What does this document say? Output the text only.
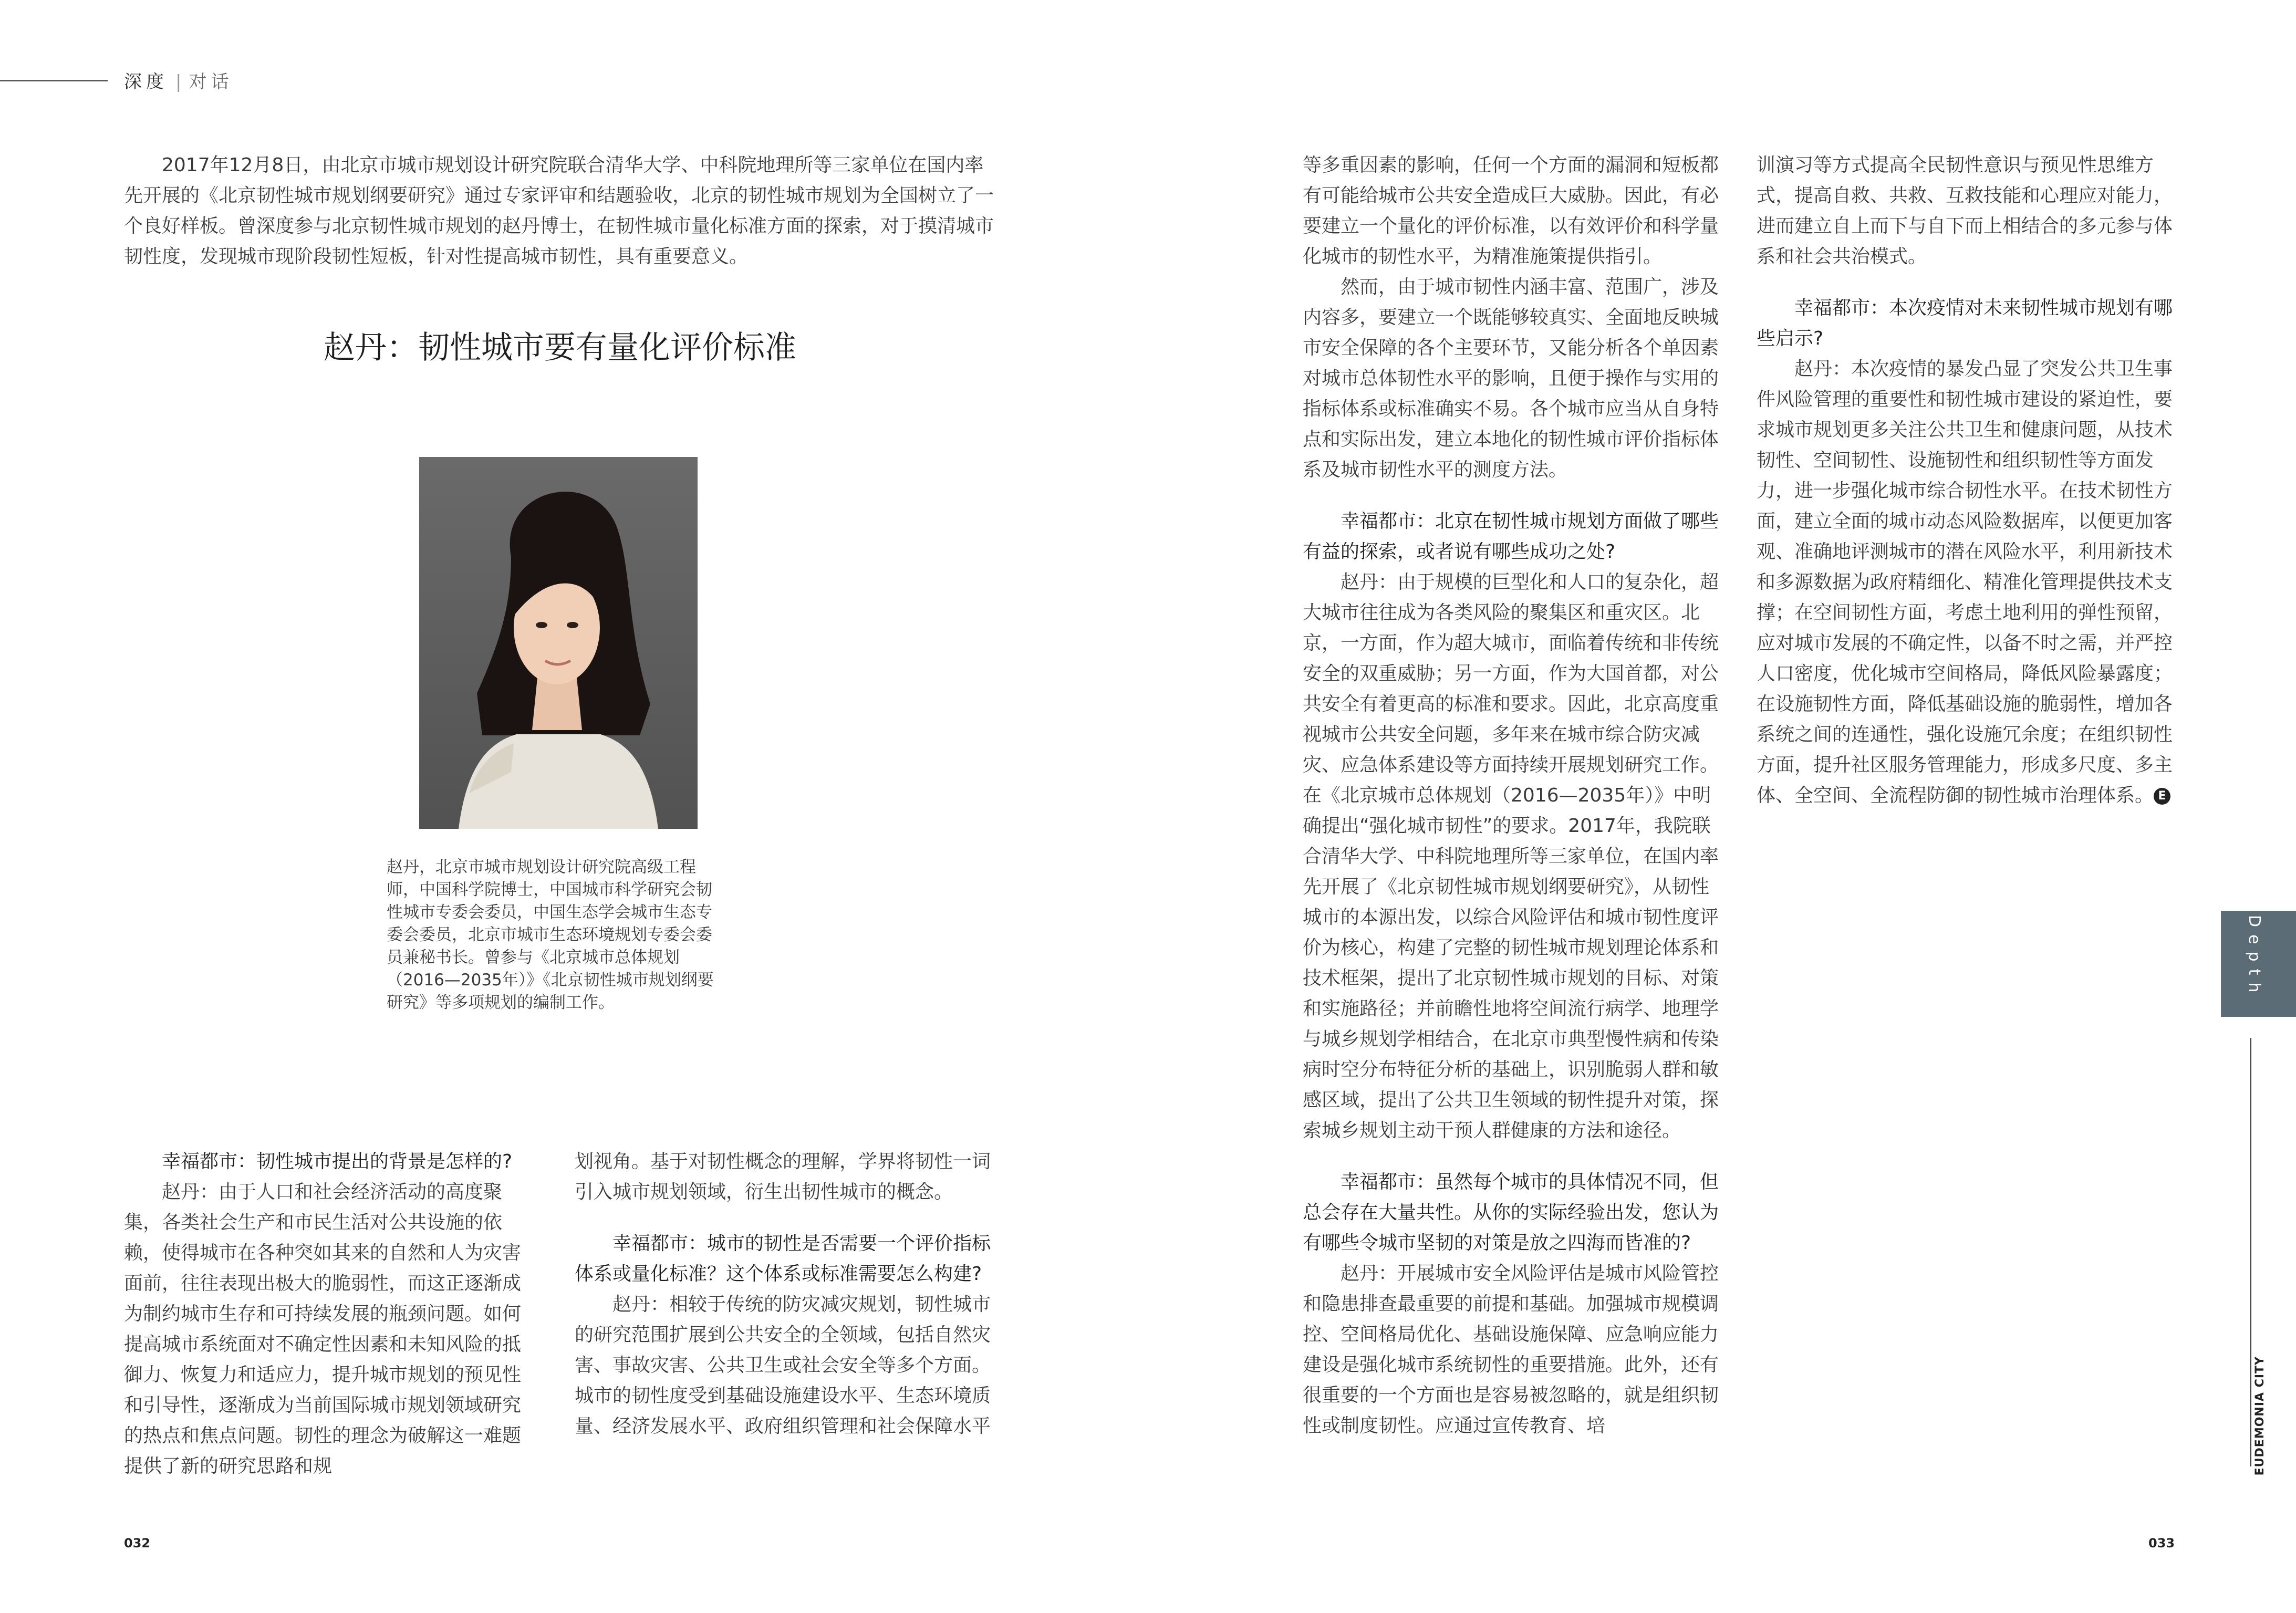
深度 | 对话

2017年12月8日，由北京市城市规划设计研究院联合清华大学、中科院地理所等三家单位在国内率先开展的《北京韧性城市规划纲要研究》通过专家评审和结题验收，北京的韧性城市规划为全国树立了一个良好样板。曾深度参与北京韧性城市规划的赵丹博士，在韧性城市量化标准方面的探索，对于摸清城市韧性度，发现城市现阶段韧性短板，针对性提高城市韧性，具有重要意义。

赵丹：韧性城市要有量化评价标准

赵丹，北京市城市规划设计研究院高级工程师，中国科学院博士，中国城市科学研究会韧性城市专委会委员，中国生态学会城市生态专委会委员，北京市城市生态环境规划专委会委员兼秘书长。曾参与《北京城市总体规划（2016—2035年）》《北京韧性城市规划纲要研究》等多项规划的编制工作。

幸福都市：韧性城市提出的背景是怎样的?

赵丹：由于人口和社会经济活动的高度聚集，各类社会生产和市民生活对公共设施的依赖，使得城市在各种突如其来的自然和人为灾害面前，往往表现出极大的脆弱性，而这正逐渐成为制约城市生存和可持续发展的瓶颈问题。如何提高城市系统面对不确定性因素和未知风险的抵御力、恢复力和适应力，提升城市规划的预见性和引导性，逐渐成为当前国际城市规划领域研究的热点和焦点问题。韧性的理念为破解这一难题提供了新的研究思路和规

划视角。基于对韧性概念的理解，学界将韧性一词引入城市规划领域，衍生出韧性城市的概念。

幸福都市：城市的韧性是否需要一个评价指标体系或量化标准？这个体系或标准需要怎么构建?

赵丹：相较于传统的防灾减灾规划，韧性城市的研究范围扩展到公共安全的全领域，包括自然灾害、事故灾害、公共卫生或社会安全等多个方面。城市的韧性度受到基础设施建设水平、生态环境质量、经济发展水平、政府组织管理和社会保障水平

等多重因素的影响，任何一个方面的漏洞和短板都有可能给城市公共安全造成巨大威胁。因此，有必要建立一个量化的评价标准，以有效评价和科学量化城市的韧性水平，为精准施策提供指引。

然而，由于城市韧性内涵丰富、范围广，涉及内容多，要建立一个既能够较真实、全面地反映城市安全保障的各个主要环节，又能分析各个单因素对城市总体韧性水平的影响，且便于操作与实用的指标体系或标准确实不易。各个城市应当从自身特点和实际出发，建立本地化的韧性城市评价指标体系及城市韧性水平的测度方法。

幸福都市：北京在韧性城市规划方面做了哪些有益的探索，或者说有哪些成功之处?

赵丹：由于规模的巨型化和人口的复杂化，超大城市往往成为各类风险的聚集区和重灾区。北京，一方面，作为超大城市，面临着传统和非传统安全的双重威胁；另一方面，作为大国首都，对公共安全有着更高的标准和要求。因此，北京高度重视城市公共安全问题，多年来在城市综合防灾减灾、应急体系建设等方面持续开展规划研究工作。在《北京城市总体规划（2016—2035年）》中明确提出“强化城市韧性”的要求。2017年，我院联合清华大学、中科院地理所等三家单位，在国内率先开展了《北京韧性城市规划纲要研究》，从韧性城市的本源出发，以综合风险评估和城市韧性度评价为核心，构建了完整的韧性城市规划理论体系和技术框架，提出了北京韧性城市规划的目标、对策和实施路径；并前瞻性地将空间流行病学、地理学与城乡规划学相结合，在北京市典型慢性病和传染病时空分布特征分析的基础上，识别脆弱人群和敏感区域，提出了公共卫生领域的韧性提升对策，探索城乡规划主动干预人群健康的方法和途径。

幸福都市：虽然每个城市的具体情况不同，但总会存在大量共性。从你的实际经验出发，您认为有哪些令城市坚韧的对策是放之四海而皆准的?

赵丹：开展城市安全风险评估是城市风险管控和隐患排查最重要的前提和基础。加强城市规模调控、空间格局优化、基础设施保障、应急响应能力建设是强化城市系统韧性的重要措施。此外，还有很重要的一个方面也是容易被忽略的，就是组织韧性或制度韧性。应通过宣传教育、培

训演习等方式提高全民韧性意识与预见性思维方式，提高自救、共救、互救技能和心理应对能力，进而建立自上而下与自下而上相结合的多元参与体系和社会共治模式。

幸福都市：本次疫情对未来韧性城市规划有哪些启示?

赵丹：本次疫情的暴发凸显了突发公共卫生事件风险管理的重要性和韧性城市建设的紧迫性，要求城市规划更多关注公共卫生和健康问题，从技术韧性、空间韧性、设施韧性和组织韧性等方面发力，进一步强化城市综合韧性水平。在技术韧性方面，建立全面的城市动态风险数据库，以便更加客观、准确地评测城市的潜在风险水平，利用新技术和多源数据为政府精细化、精准化管理提供技术支撑；在空间韧性方面，考虑土地利用的弹性预留，应对城市发展的不确定性，以备不时之需，并严控人口密度，优化城市空间格局，降低风险暴露度；在设施韧性方面，降低基础设施的脆弱性，增加各系统之间的连通性，强化设施冗余度；在组织韧性方面，提升社区服务管理能力，形成多尺度、多主体、全空间、全流程防御的韧性城市治理体系。 E

032	033
Depth
EUDEMONIA CITY
